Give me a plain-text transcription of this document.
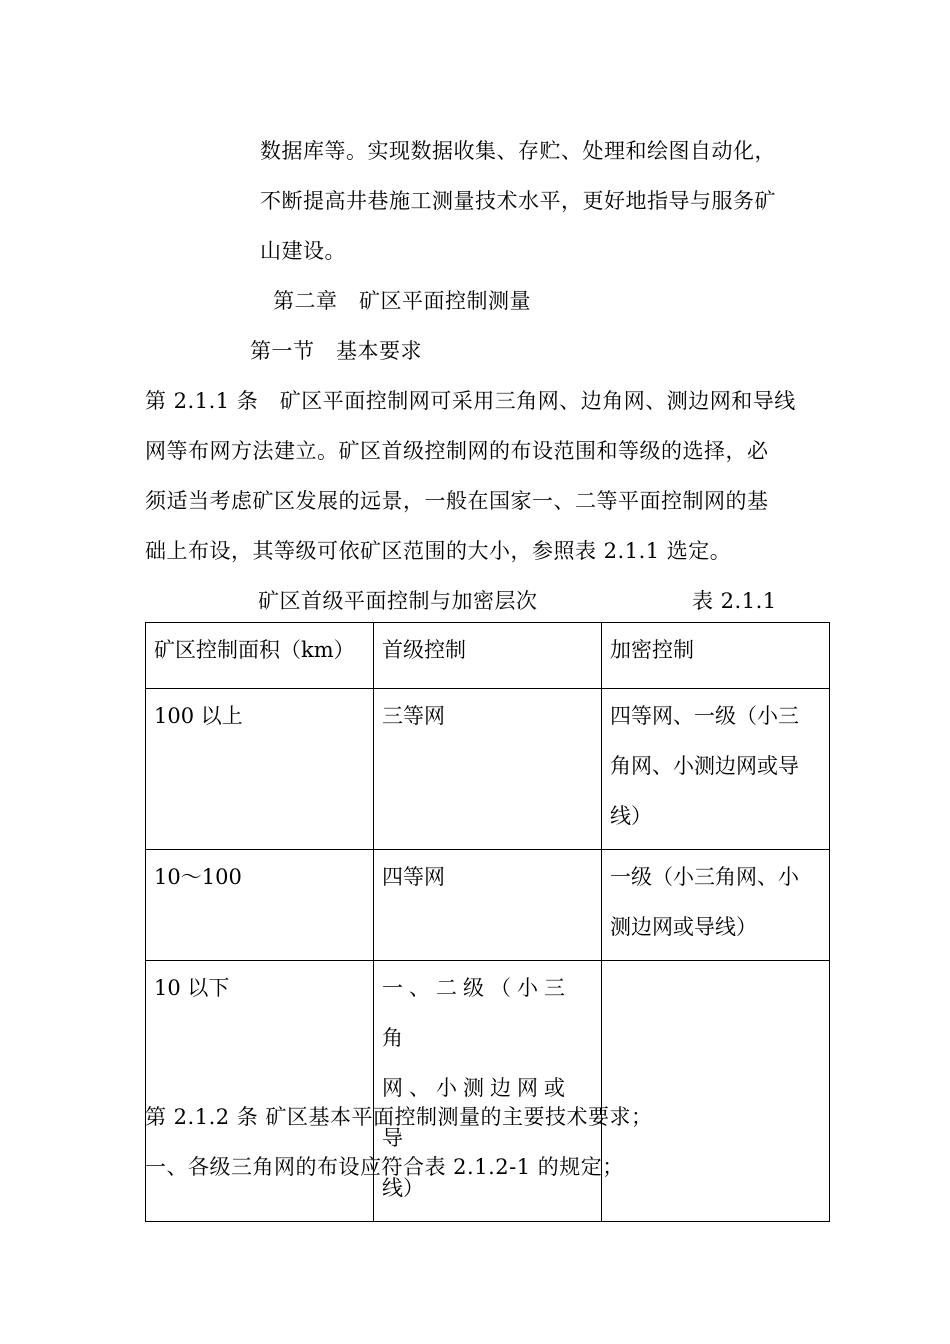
数据库等。实现数据收集、存贮、处理和绘图自动化，
不断提高井巷施工测量技术水平，更好地指导与服务矿
山建设。
第二章　矿区平面控制测量
第一节　基本要求
第 2.1.1 条　矿区平面控制网可采用三角网、边角网、测边网和导线
网等布网方法建立。矿区首级控制网的布设范围和等级的选择，必
须适当考虑矿区发展的远景，一般在国家一、二等平面控制网的基
础上布设，其等级可依矿区范围的大小，参照表 2.1.1 选定。
矿区首级平面控制与加密层次	表 2.1.1
矿区控制面积（km）	首级控制	加密控制

100 以上	三等网	四等网、一级（小三
角网、小测边网或导
线）

10～100	四等网	一级（小三角网、小
测边网或导线）

10 以下	一、二级（小三角
网、小测边网或导
线）	

第 2.1.2 条 矿区基本平面控制测量的主要技术要求；
一、各级三角网的布设应符合表 2.1.2-1 的规定；
